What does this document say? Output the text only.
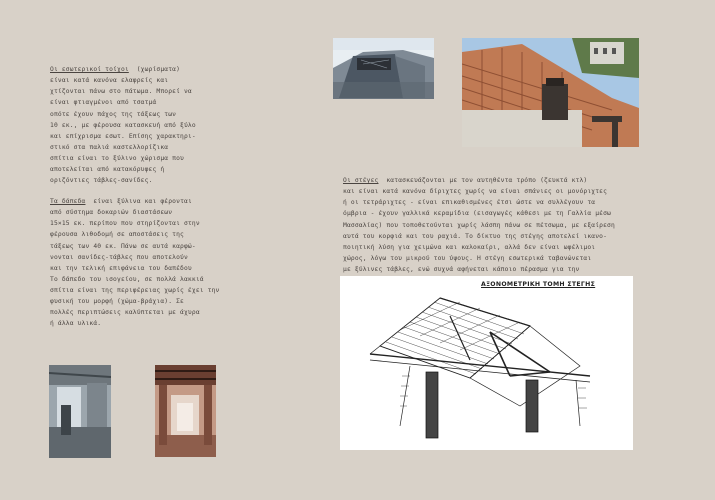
Οι εσωτερικοί τοίχοι  (χωρίσματα)
είναι κατά κανόνα ελαφρείς και
χτίζονται πάνω στο πάτωμα. Μπορεί να
είναι φτιαγμένοι από τσατμά
οπότε έχουν πάχος της τάξεως των
10 εκ., με φέρουσα κατασκευή από ξύλο
και επίχρισμα εσωτ. Επίσης χαρακτηρι-
στικό στα παλιά καστελλορίζικα
σπίτια είναι το ξύλινο χώρισμα που
αποτελείται από κατακόρυφες ή
οριζόντιες τάβλες-σανίδες.

Τα δάπεδα  είναι ξύλινα και φέρονται
από σύστημα δοκαριών διαστάσεων
15×15 εκ. περίπου που στηρίζονται στην
φέρουσα λιθοδομή σε αποστάσεις της
τάξεως των 40 εκ. Πάνω σε αυτά καρφώ-
νονται σανίδες-τάβλες που αποτελούν
και την τελική επιφάνεια του δαπέδου
Το δάπεδο του ισογείου, σε πολλά λακκιά
σπίτια είναι της περιφέρειας χωρίς έχει την
φυσική του μορφή (χώμα-βράχια). Σε
πολλές περιπτώσεις καλύπτεται με άχυρα
ή άλλα υλικά.

Οι στέγες  κατασκευάζονται με τον αυτηθέντα τρόπο (ζευκτά κτλ)
και είναι κατά κανόνα δίριχτες χωρίς να είναι σπάνιες οι μονόριχτες
ή οι τετράριχτες - είναι επικαθισμένες έτσι ώστε να συλλέγουν τα
όμβρια - έχουν γαλλικά κεραμίδια (εισαγωγές κάθεσι με τη Γαλλία μέσω
Μασσαλίας) που τοποθετούνται χωρίς λάσπη πάνω σε πέτσωμα, με εξαίρεση
αυτά του κορφιά και του ραχιά. Το δίκτυο της στέγης αποτελεί ικανο-
ποιητική λύση για χειμώνα και καλοκαίρι, αλλά δεν είναι ωφέλιμοι
χώρος, λόγω του μικρού του ύψους. Η στέγη εσωτερικά ταβανώνεται
με ξύλινες τάβλες, ενώ συχνά αφήνεται κάποιο πέρασμα για την

ΑΞΟΝΟΜΕΤΡΙΚΗ ΤΟΜΗ ΣΤΕΓΗΣ
